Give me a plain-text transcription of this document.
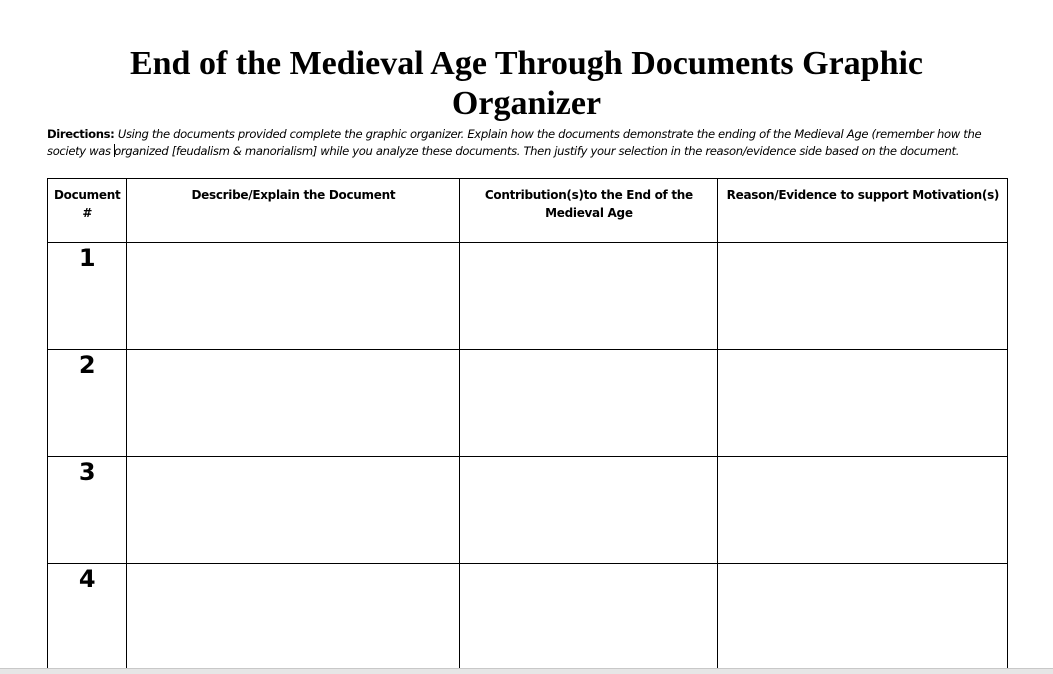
End of the Medieval Age Through Documents Graphic
Organizer
Directions: Using the documents provided complete the graphic organizer. Explain how the documents demonstrate the ending of the Medieval Age (remember how the society was organized [feudalism & manorialism] while you analyze these documents. Then justify your selection in the reason/evidence side based on the document.
Document #	Describe/Explain the Document	Contribution(s)to the End of the Medieval Age	Reason/Evidence to support Motivation(s)
1			
2			
3			
4			
